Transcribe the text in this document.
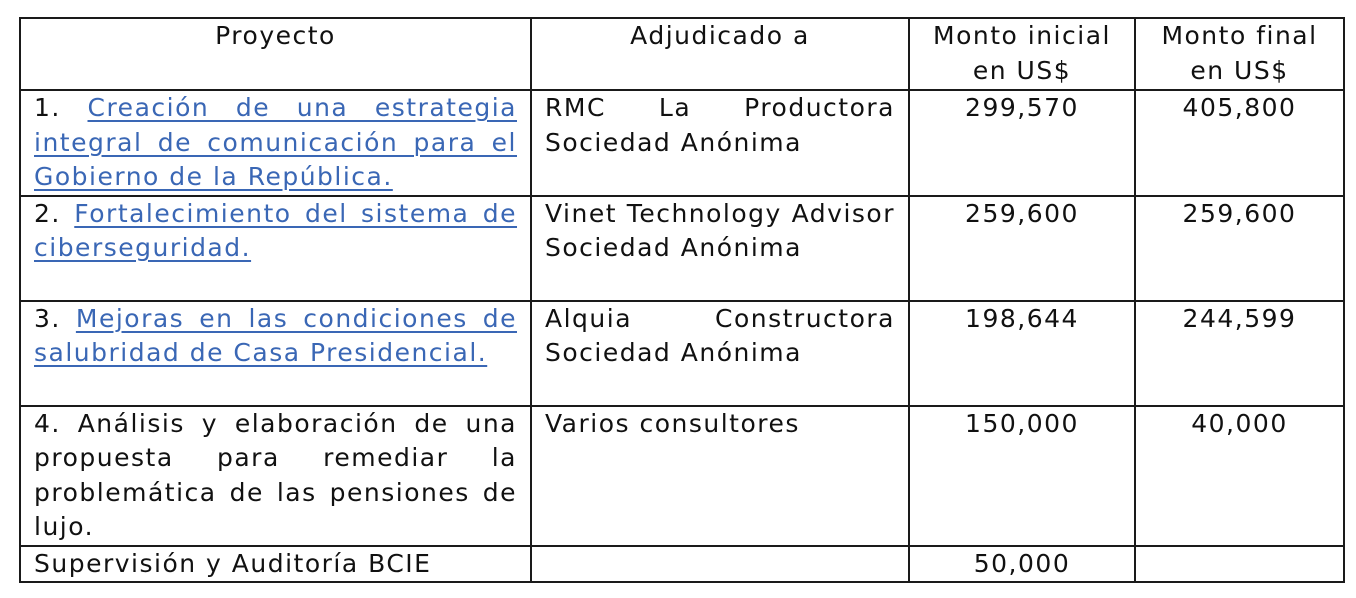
Proyecto	Adjudicado a	Monto inicial en US$	Monto final en US$
1. Creación de una estrategia integral de comunicación para el Gobierno de la República.	RMC La Productora Sociedad Anónima	299,570	405,800
2. Fortalecimiento del sistema de ciberseguridad.	Vinet Technology Advisor Sociedad Anónima	259,600	259,600
3. Mejoras en las condiciones de salubridad de Casa Presidencial.	Alquia Constructora Sociedad Anónima	198,644	244,599
4. Análisis y elaboración de una propuesta para remediar la problemática de las pensiones de lujo.	Varios consultores	150,000	40,000
Supervisión y Auditoría BCIE		50,000	
